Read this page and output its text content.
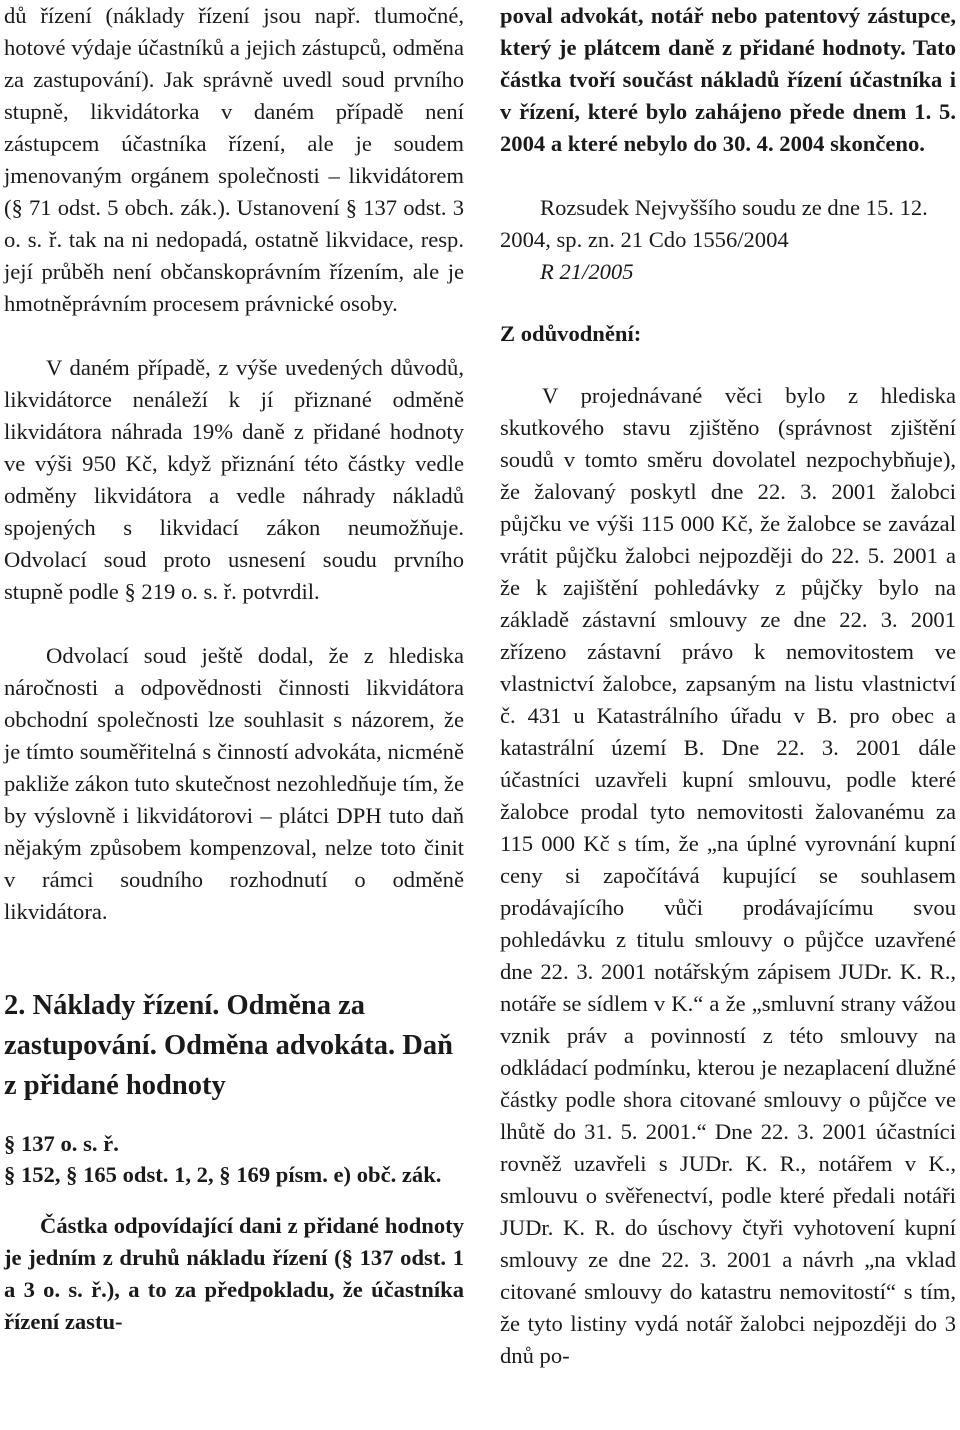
dů řízení (náklady řízení jsou např. tlumočné, hotové výdaje účastníků a jejich zástupců, odměna za zastupování). Jak správně uvedl soud prvního stupně, likvidátorka v daném případě není zástupcem účastníka řízení, ale je soudem jmenovaným orgánem společnosti – likvidátorem (§ 71 odst. 5 obch. zák.). Ustanovení § 137 odst. 3 o. s. ř. tak na ni nedopadá, ostatně likvidace, resp. její průběh není občanskoprávním řízením, ale je hmotněprávním procesem právnické osoby.

V daném případě, z výše uvedených důvodů, likvidátorce nenáleží k jí přiznané odměně likvidátora náhrada 19% daně z přidané hodnoty ve výši 950 Kč, když přiznání této částky vedle odměny likvidátora a vedle náhrady nákladů spojených s likvidací zákon neumožňuje. Odvolací soud proto usnesení soudu prvního stupně podle § 219 o. s. ř. potvrdil.

Odvolací soud ještě dodal, že z hlediska náročnosti a odpovědnosti činnosti likvidátora obchodní společnosti lze souhlasit s názorem, že je tímto souměřitelná s činností advokáta, nicméně pakliže zákon tuto skutečnost nezohledňuje tím, že by výslovně i likvidátorovi – plátci DPH tuto daň nějakým způsobem kompenzoval, nelze toto činit v rámci soudního rozhodnutí o odměně likvidátora.

2. Náklady řízení. Odměna za zastupování. Odměna advokáta. Daň z přidané hodnoty
§ 137 o. s. ř.
§ 152, § 165 odst. 1, 2, § 169 písm. e) obč. zák.

Částka odpovídající dani z přidané hodnoty je jedním z druhů nákladu řízení (§ 137 odst. 1 a 3 o. s. ř.), a to za předpokladu, že účastníka řízení zastu-

poval advokát, notář nebo patentový zástupce, který je plátcem daně z přidané hodnoty. Tato částka tvoří součást nákladů řízení účastníka i v řízení, které bylo zahájeno přede dnem 1. 5. 2004 a které nebylo do 30. 4. 2004 skončeno.

Rozsudek Nejvyššího soudu ze dne 15. 12. 2004, sp. zn. 21 Cdo 1556/2004
R 21/2005

Z odůvodnění:

V projednávané věci bylo z hlediska skutkového stavu zjištěno (správnost zjištění soudů v tomto směru dovolatel nezpochybňuje), že žalovaný poskytl dne 22. 3. 2001 žalobci půjčku ve výši 115 000 Kč, že žalobce se zavázal vrátit půjčku žalobci nejpozději do 22. 5. 2001 a že k zajištění pohledávky z půjčky bylo na základě zástavní smlouvy ze dne 22. 3. 2001 zřízeno zástavní právo k nemovitostem ve vlastnictví žalobce, zapsaným na listu vlastnictví č. 431 u Katastrálního úřadu v B. pro obec a katastrální území B. Dne 22. 3. 2001 dále účastníci uzavřeli kupní smlouvu, podle které žalobce prodal tyto nemovitosti žalovanému za 115 000 Kč s tím, že „na úplné vyrovnání kupní ceny si započítává kupující se souhlasem prodávajícího vůči prodávajícímu svou pohledávku z titulu smlouvy o půjčce uzavřené dne 22. 3. 2001 notářským zápisem JUDr. K. R., notáře se sídlem v K.“ a že „smluvní strany vážou vznik práv a povinností z této smlouvy na odkládací podmínku, kterou je nezaplacení dlužné částky podle shora citované smlouvy o půjčce ve lhůtě do 31. 5. 2001.“ Dne 22. 3. 2001 účastníci rovněž uzavřeli s JUDr. K. R., notářem v K., smlouvu o svěřenectví, podle které předali notáři JUDr. K. R. do úschovy čtyři vyhotovení kupní smlouvy ze dne 22. 3. 2001 a návrh „na vklad citované smlouvy do katastru nemovitostí“ s tím, že tyto listiny vydá notář žalobci nejpozději do 3 dnů po-
